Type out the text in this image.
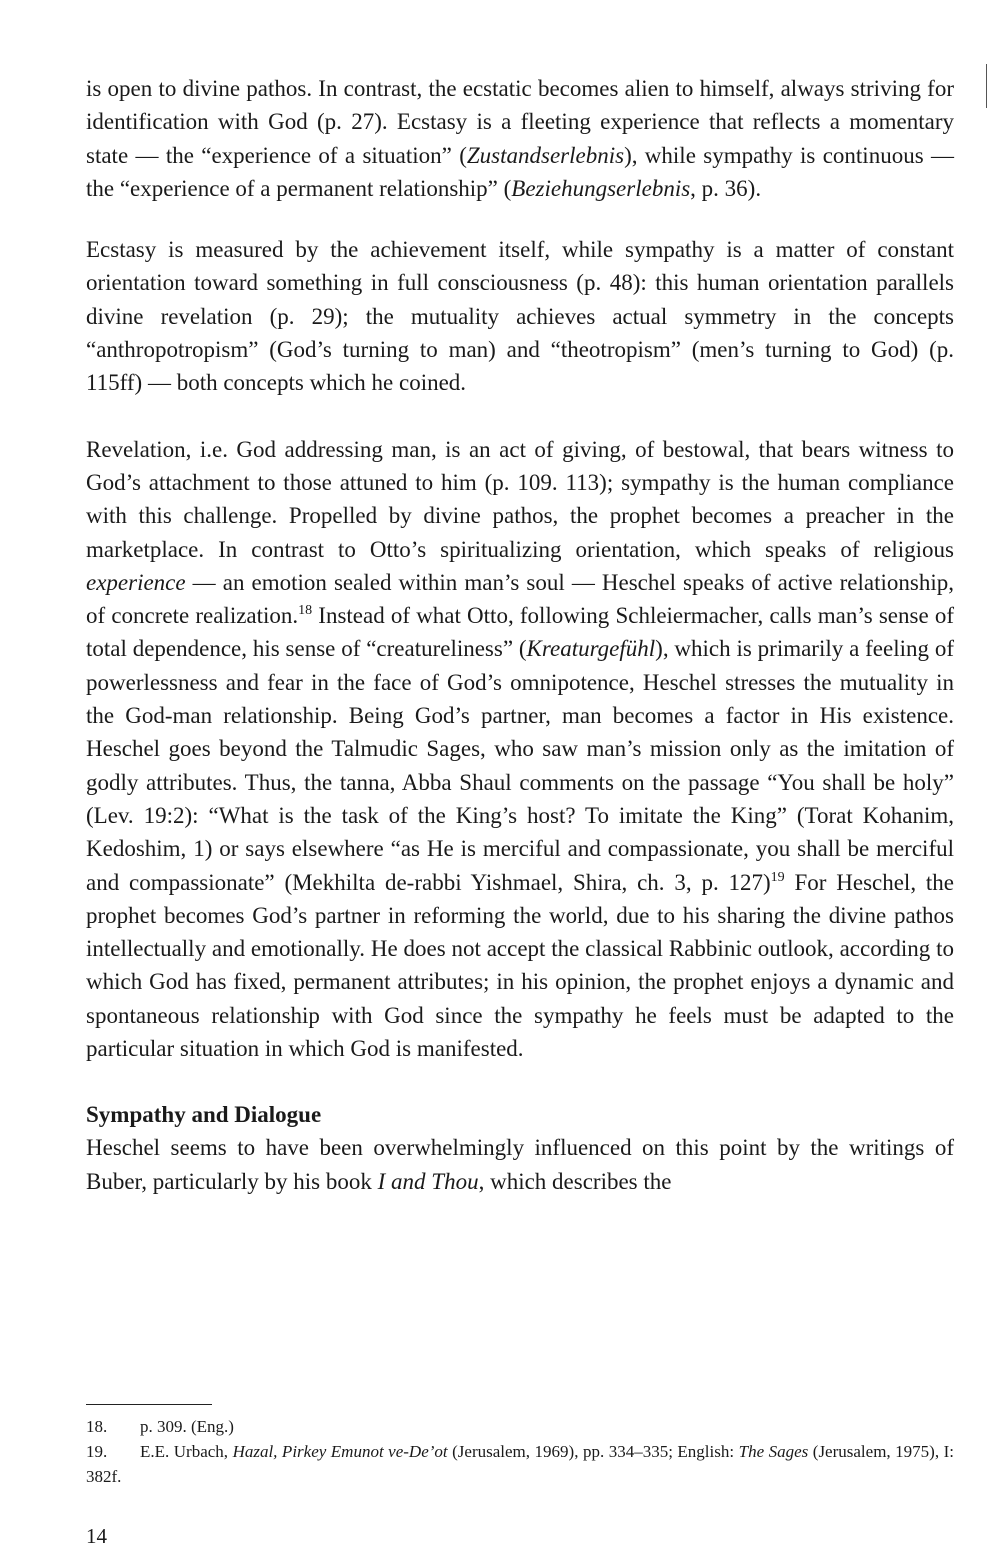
is open to divine pathos. In contrast, the ecstatic becomes alien to himself, always striving for identification with God (p. 27). Ecstasy is a fleeting experience that reflects a momentary state — the “experience of a situation” (Zustandserlebnis), while sympathy is continuous — the “experience of a permanent relationship” (Beziehungserlebnis, p. 36).

Ecstasy is measured by the achievement itself, while sympathy is a matter of constant orientation toward something in full consciousness (p. 48): this human orientation parallels divine revelation (p. 29); the mutuality achieves actual symmetry in the concepts “anthropotropism” (God’s turning to man) and “theotropism” (men’s turning to God) (p. 115ff) — both concepts which he coined.

Revelation, i.e. God addressing man, is an act of giving, of bestowal, that bears witness to God’s attachment to those attuned to him (p. 109. 113); sympathy is the human compliance with this challenge. Propelled by divine pathos, the prophet becomes a preacher in the marketplace. In contrast to Otto’s spiritualizing orientation, which speaks of religious experience — an emotion sealed within man’s soul — Heschel speaks of active relationship, of concrete realization.$^{18}$ Instead of what Otto, following Schleiermacher, calls man’s sense of total dependence, his sense of “creatureliness” (Kreaturgefühl), which is primarily a feeling of powerlessness and fear in the face of God’s omnipotence, Heschel stresses the mutuality in the God-man relationship. Being God’s partner, man becomes a factor in His existence. Heschel goes beyond the Talmudic Sages, who saw man’s mission only as the imitation of godly attributes. Thus, the tanna, Abba Shaul comments on the passage “You shall be holy” (Lev. 19:2): “What is the task of the King’s host? To imitate the King” (Torat Kohanim, Kedoshim, 1) or says elsewhere “as He is merciful and compassionate, you shall be merciful and compassionate” (Mekhilta de-rabbi Yishmael, Shira, ch. 3, p. 127)$^{19}$ For Heschel, the prophet becomes God’s partner in reforming the world, due to his sharing the divine pathos intellectually and emotionally. He does not accept the classical Rabbinic outlook, according to which God has fixed, permanent attributes; in his opinion, the prophet enjoys a dynamic and spontaneous relationship with God since the sympathy he feels must be adapted to the particular situation in which God is manifested.

Sympathy and Dialogue

Heschel seems to have been overwhelmingly influenced on this point by the writings of Buber, particularly by his book I and Thou, which describes the

18. p. 309. (Eng.)

19. E.E. Urbach, Hazal, Pirkey Emunot ve-De’ot (Jerusalem, 1969), pp. 334–335; English: The Sages (Jerusalem, 1975), I: 382f.

14
